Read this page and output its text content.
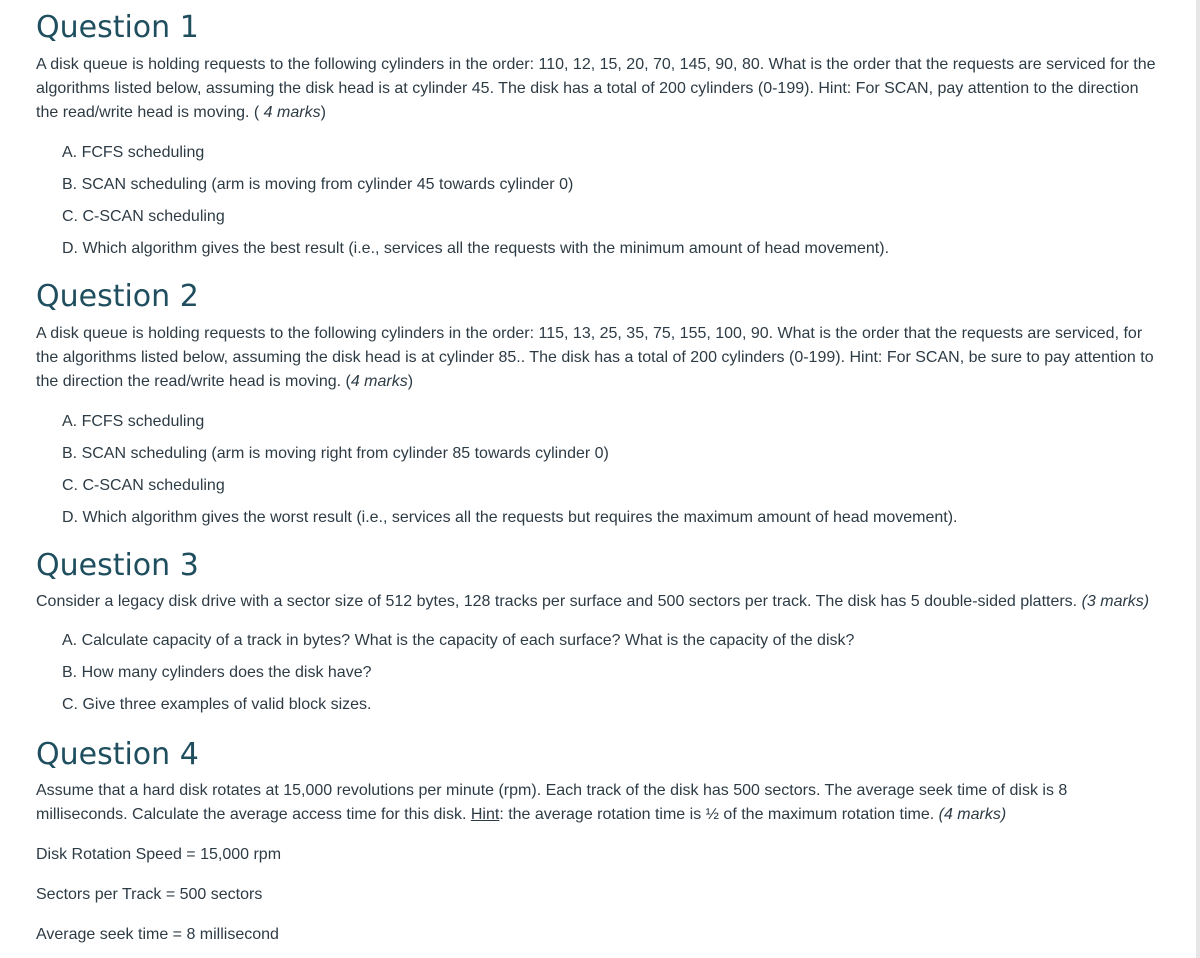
Question 1

A disk queue is holding requests to the following cylinders in the order: 110, 12, 15, 20, 70, 145, 90, 80. What is the order that the requests are serviced for the algorithms listed below, assuming the disk head is at cylinder 45. The disk has a total of 200 cylinders (0-199). Hint: For SCAN, pay attention to the direction the read/write head is moving. ( 4 marks)

A. FCFS scheduling
B. SCAN scheduling (arm is moving from cylinder 45 towards cylinder 0)
C. C-SCAN scheduling
D. Which algorithm gives the best result (i.e., services all the requests with the minimum amount of head movement).
Question 2

A disk queue is holding requests to the following cylinders in the order: 115, 13, 25, 35, 75, 155, 100, 90. What is the order that the requests are serviced, for the algorithms listed below, assuming the disk head is at cylinder 85.. The disk has a total of 200 cylinders (0-199). Hint: For SCAN, be sure to pay attention to the direction the read/write head is moving. (4 marks)

A. FCFS scheduling
B. SCAN scheduling (arm is moving right from cylinder 85 towards cylinder 0)
C. C-SCAN scheduling
D. Which algorithm gives the worst result (i.e., services all the requests but requires the maximum amount of head movement).
Question 3

Consider a legacy disk drive with a sector size of 512 bytes, 128 tracks per surface and 500 sectors per track. The disk has 5 double-sided platters. (3 marks)

A. Calculate capacity of a track in bytes? What is the capacity of each surface? What is the capacity of the disk?
B. How many cylinders does the disk have?
C. Give three examples of valid block sizes.
Question 4

Assume that a hard disk rotates at 15,000 revolutions per minute (rpm). Each track of the disk has 500 sectors. The average seek time of disk is 8 milliseconds. Calculate the average access time for this disk. Hint: the average rotation time is ½ of the maximum rotation time. (4 marks)

Disk Rotation Speed = 15,000 rpm

Sectors per Track = 500 sectors

Average seek time = 8 millisecond
